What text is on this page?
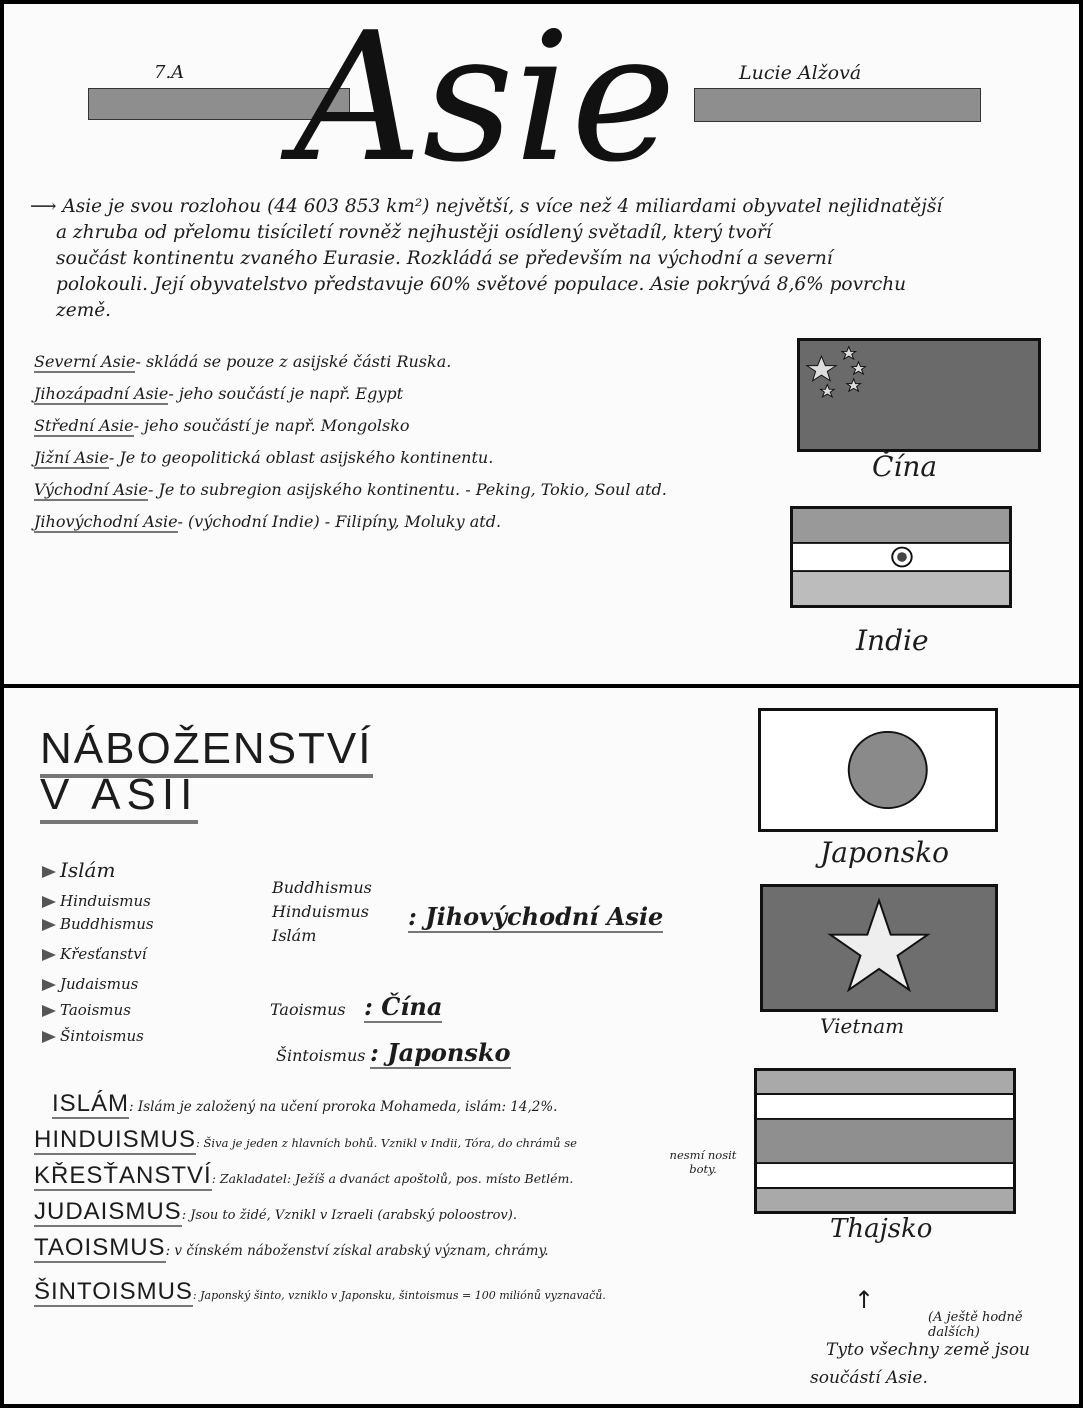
7.A	Lucie Alžová
Asie
⟶ Asie je svou rozlohou (44 603 853 km²) největší, s více než 4 miliardami obyvatel nejlidnatější
a zhruba od přelomu tisíciletí rovněž nejhustěji osídlený světadíl, který tvoří
součást kontinentu zvaného Eurasie. Rozkládá se především na východní a severní
polokouli. Její obyvatelstvo představuje 60% světové populace. Asie pokrývá 8,6% povrchu
země.
Severní Asie- skládá se pouze z asijské části Ruska.
Jihozápadní Asie- jeho součástí je např. Egypt
Střední Asie- jeho součástí je např. Mongolsko
Jižní Asie- Je to geopolitická oblast asijského kontinentu.
Východní Asie- Je to subregion asijského kontinentu. - Peking, Tokio, Soul atd.
Jihovýchodní Asie- (východní Indie) - Filipíny, Moluky atd.
Čína
Indie
NÁBOŽENSTVÍ
V ASII
Islám
Hinduismus
Buddhismus
Křesťanství
Judaismus
Taoismus
Šintoismus
Buddhismus
Hinduismus
Islám
: Jihovýchodní Asie
Taoismus : Čína
Šintoismus : Japonsko
ISLÁM: Islám je založený na učení proroka Mohameda, islám: 14,2%.
HINDUISMUS: Šiva je jeden z hlavních bohů. Vznikl v Indii, Tóra, do chrámů se
KŘESŤANSTVÍ: Zakladatel: Ježíš a dvanáct apoštolů, pos. místo Betlém.
JUDAISMUS: Jsou to židé, Vznikl v Izraeli (arabský poloostrov).
TAOISMUS: v čínském náboženství získal arabský význam, chrámy.
ŠINTOISMUS: Japonský šinto, vzniklo v Japonsku, šintoismus = 100 miliónů vyznavačů.
nesmí nosit boty.
Japonsko
Vietnam
Thajsko
↑
(A ještě hodně dalších)
Tyto všechny země jsou
součástí Asie.
